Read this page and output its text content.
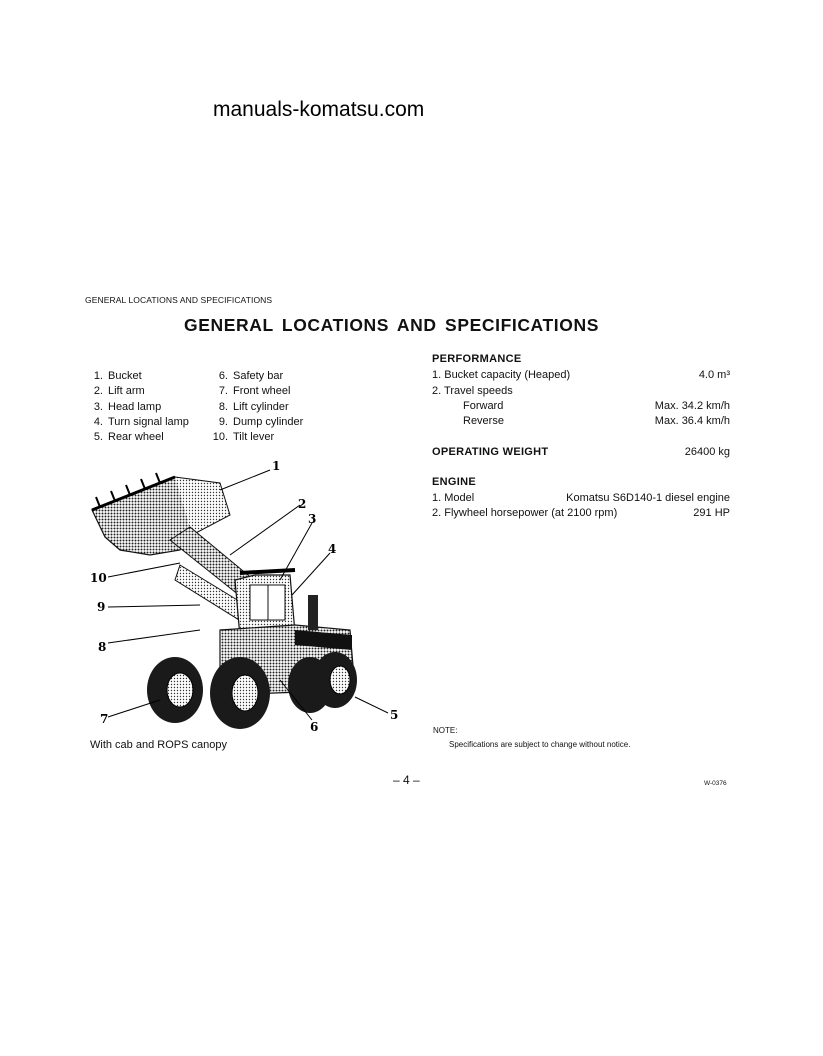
manuals-komatsu.com
GENERAL LOCATIONS AND SPECIFICATIONS
GENERAL LOCATIONS AND SPECIFICATIONS
1. Bucket
2. Lift arm
3. Head lamp
4. Turn signal lamp
5. Rear wheel
6. Safety bar
7. Front wheel
8. Lift cylinder
9. Dump cylinder
10. Tilt lever
PERFORMANCE
1. Bucket capacity (Heaped)	4.0 m³
2. Travel speeds
Forward	Max. 34.2 km/h
Reverse	Max. 36.4 km/h
OPERATING WEIGHT	26400 kg
ENGINE
1. Model	Komatsu S6D140-1 diesel engine
2. Flywheel horsepower (at 2100 rpm)	291 HP
1
2
3
4
5
6
7
8
9
10
With cab and ROPS canopy
NOTE:
Specifications are subject to change without notice.
– 4 –	W-0376
